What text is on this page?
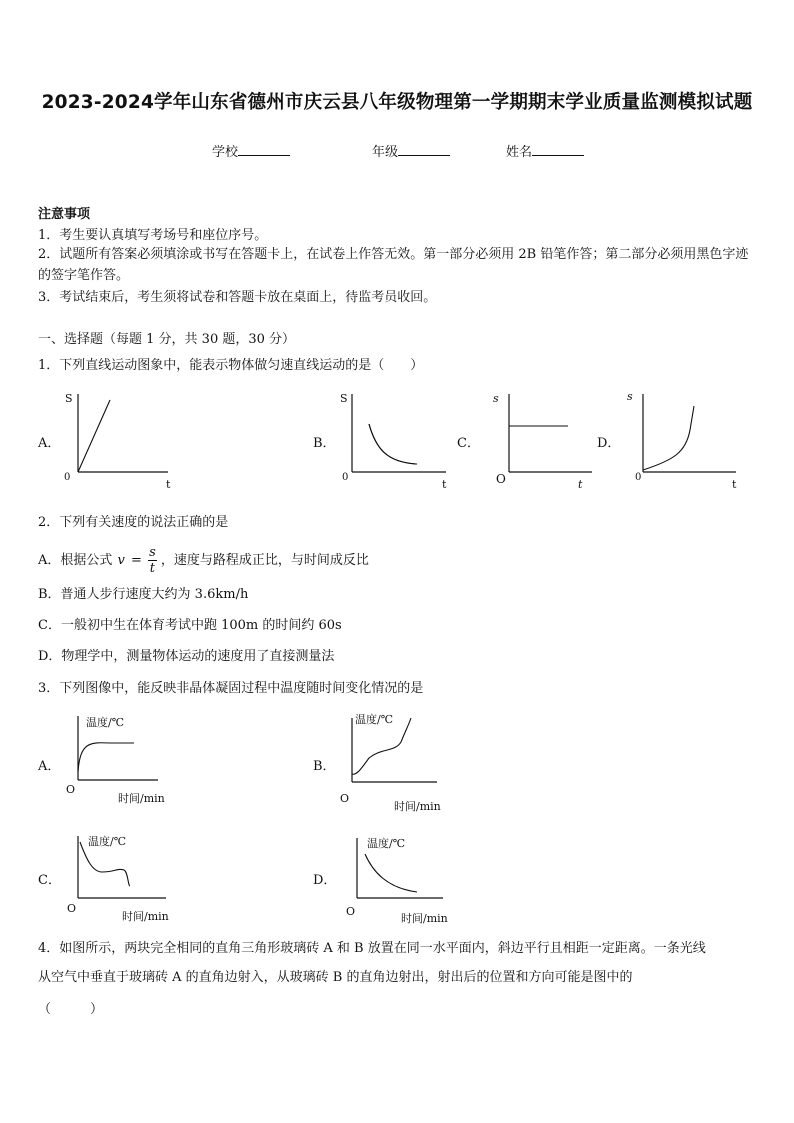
2023-2024学年山东省德州市庆云县八年级物理第一学期期末学业质量监测模拟试题
学校	年级	姓名
注意事项
1．考生要认真填写考场号和座位序号。
2．试题所有答案必须填涂或书写在答题卡上，在试卷上作答无效。第一部分必须用 2B 铅笔作答；第二部分必须用黑色字迹的签字笔作答。
3．考试结束后，考生须将试卷和答题卡放在桌面上，待监考员收回。
一、选择题（每题 1 分，共 30 题，30 分）
1．下列直线运动图象中，能表示物体做匀速直线运动的是（　　）
A．
S
t
0
B．
S
t
0
C．
s
t
O
D．
s
t
0
2．下列有关速度的说法正确的是
A．根据公式 $v = \frac{s}{t}$ ，速度与路程成正比，与时间成反比
B．普通人步行速度大约为 3.6km/h
C．一般初中生在体育考试中跑 100m 的时间约 60s
D．物理学中，测量物体运动的速度用了直接测量法
3．下列图像中，能反映非晶体凝固过程中温度随时间变化情况的是
A．
温度/℃
时间/min
O
B．
温度/℃
时间/min
O
C．
温度/℃
时间/min
O
D．
温度/℃
时间/min
O
4．如图所示，两块完全相同的直角三角形玻璃砖 A 和 B 放置在同一水平面内，斜边平行且相距一定距离。一条光线
从空气中垂直于玻璃砖 A 的直角边射入，从玻璃砖 B 的直角边射出，射出后的位置和方向可能是图中的
（　　　）
